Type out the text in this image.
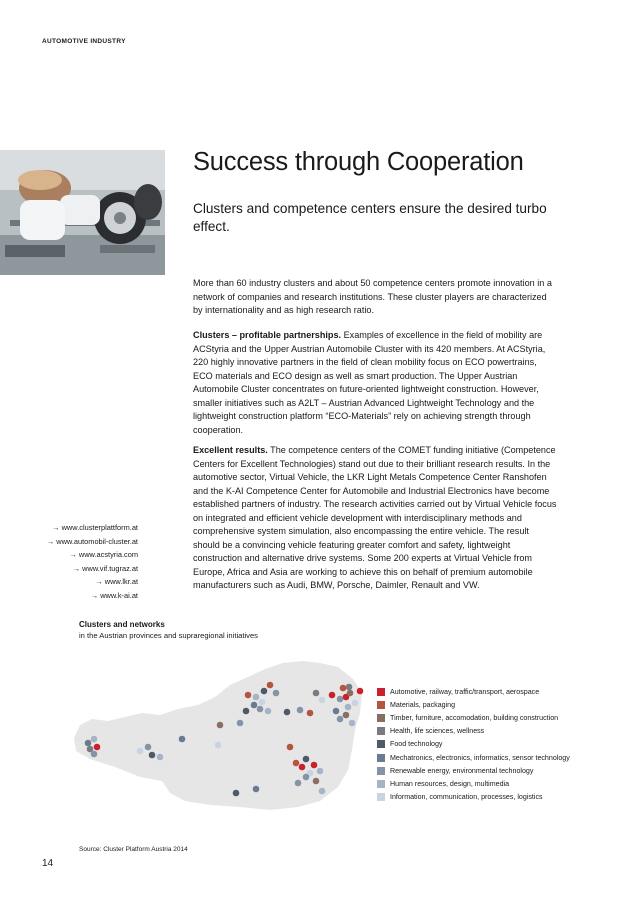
AUTOMOTIVE INDUSTRY
Success through Cooperation

Clusters and competence centers ensure the desired turbo effect.

More than 60 industry clusters and about 50 competence centers promote innovation in a network of companies and research institutions. These cluster players are characterized by internationality and as high research ratio.

Clusters – profitable partnerships. Examples of excellence in the field of mobility are ACStyria and the Upper Austrian Automobile Cluster with its 420 members. At ACStyria, 220 highly innovative partners in the field of clean mobility focus on ECO powertrains, ECO materials and ECO design as well as smart production. The Upper Austrian Automobile Cluster concentrates on future-oriented lightweight construction. However, smaller initiatives such as A2LT – Austrian Advanced Lightweight Technology and the lightweight construction platform “ECO-Materials” rely on achieving strength through cooperation.

Excellent results. The competence centers of the COMET funding initiative (Competence Centers for Excellent Technologies) stand out due to their brilliant research results. In the automotive sector, Virtual Vehicle, the LKR Light Metals Competence Center Ranshofen and the K-AI Competence Center for Automobile and Industrial Electronics have become established partners of industry. The research activities carried out by Virtual Vehicle focus on integrated and efficient vehicle development with interdisciplinary methods and comprehensive system simulation, also encompassing the entire vehicle. The result should be a convincing vehicle featuring greater comfort and safety, lightweight construction and alternative drive systems. Some 200 experts at Virtual Vehicle from Europe, Africa and Asia are working to achieve this on behalf of premium automobile manufacturers such as Audi, BMW, Porsche, Daimler, Renault and VW.

→ www.clusterplattform.at
→ www.automobil-cluster.at
→ www.acstyria.com
→ www.vif.tugraz.at
→ www.lkr.at
→ www.k-ai.at

Clusters and networks

in the Austrian provinces and supraregional initiatives

Automotive, railway, traffic/transport, aerospace
Materials, packaging
Timber, furniture, accomodation, building construction
Health, life sciences, wellness
Food technology
Mechatronics, electronics, informatics, sensor technology
Renewable energy, environmental technology
Human resources, design, multimedia
Information, communication, processes, logistics
Source: Cluster Platform Austria 2014
14
